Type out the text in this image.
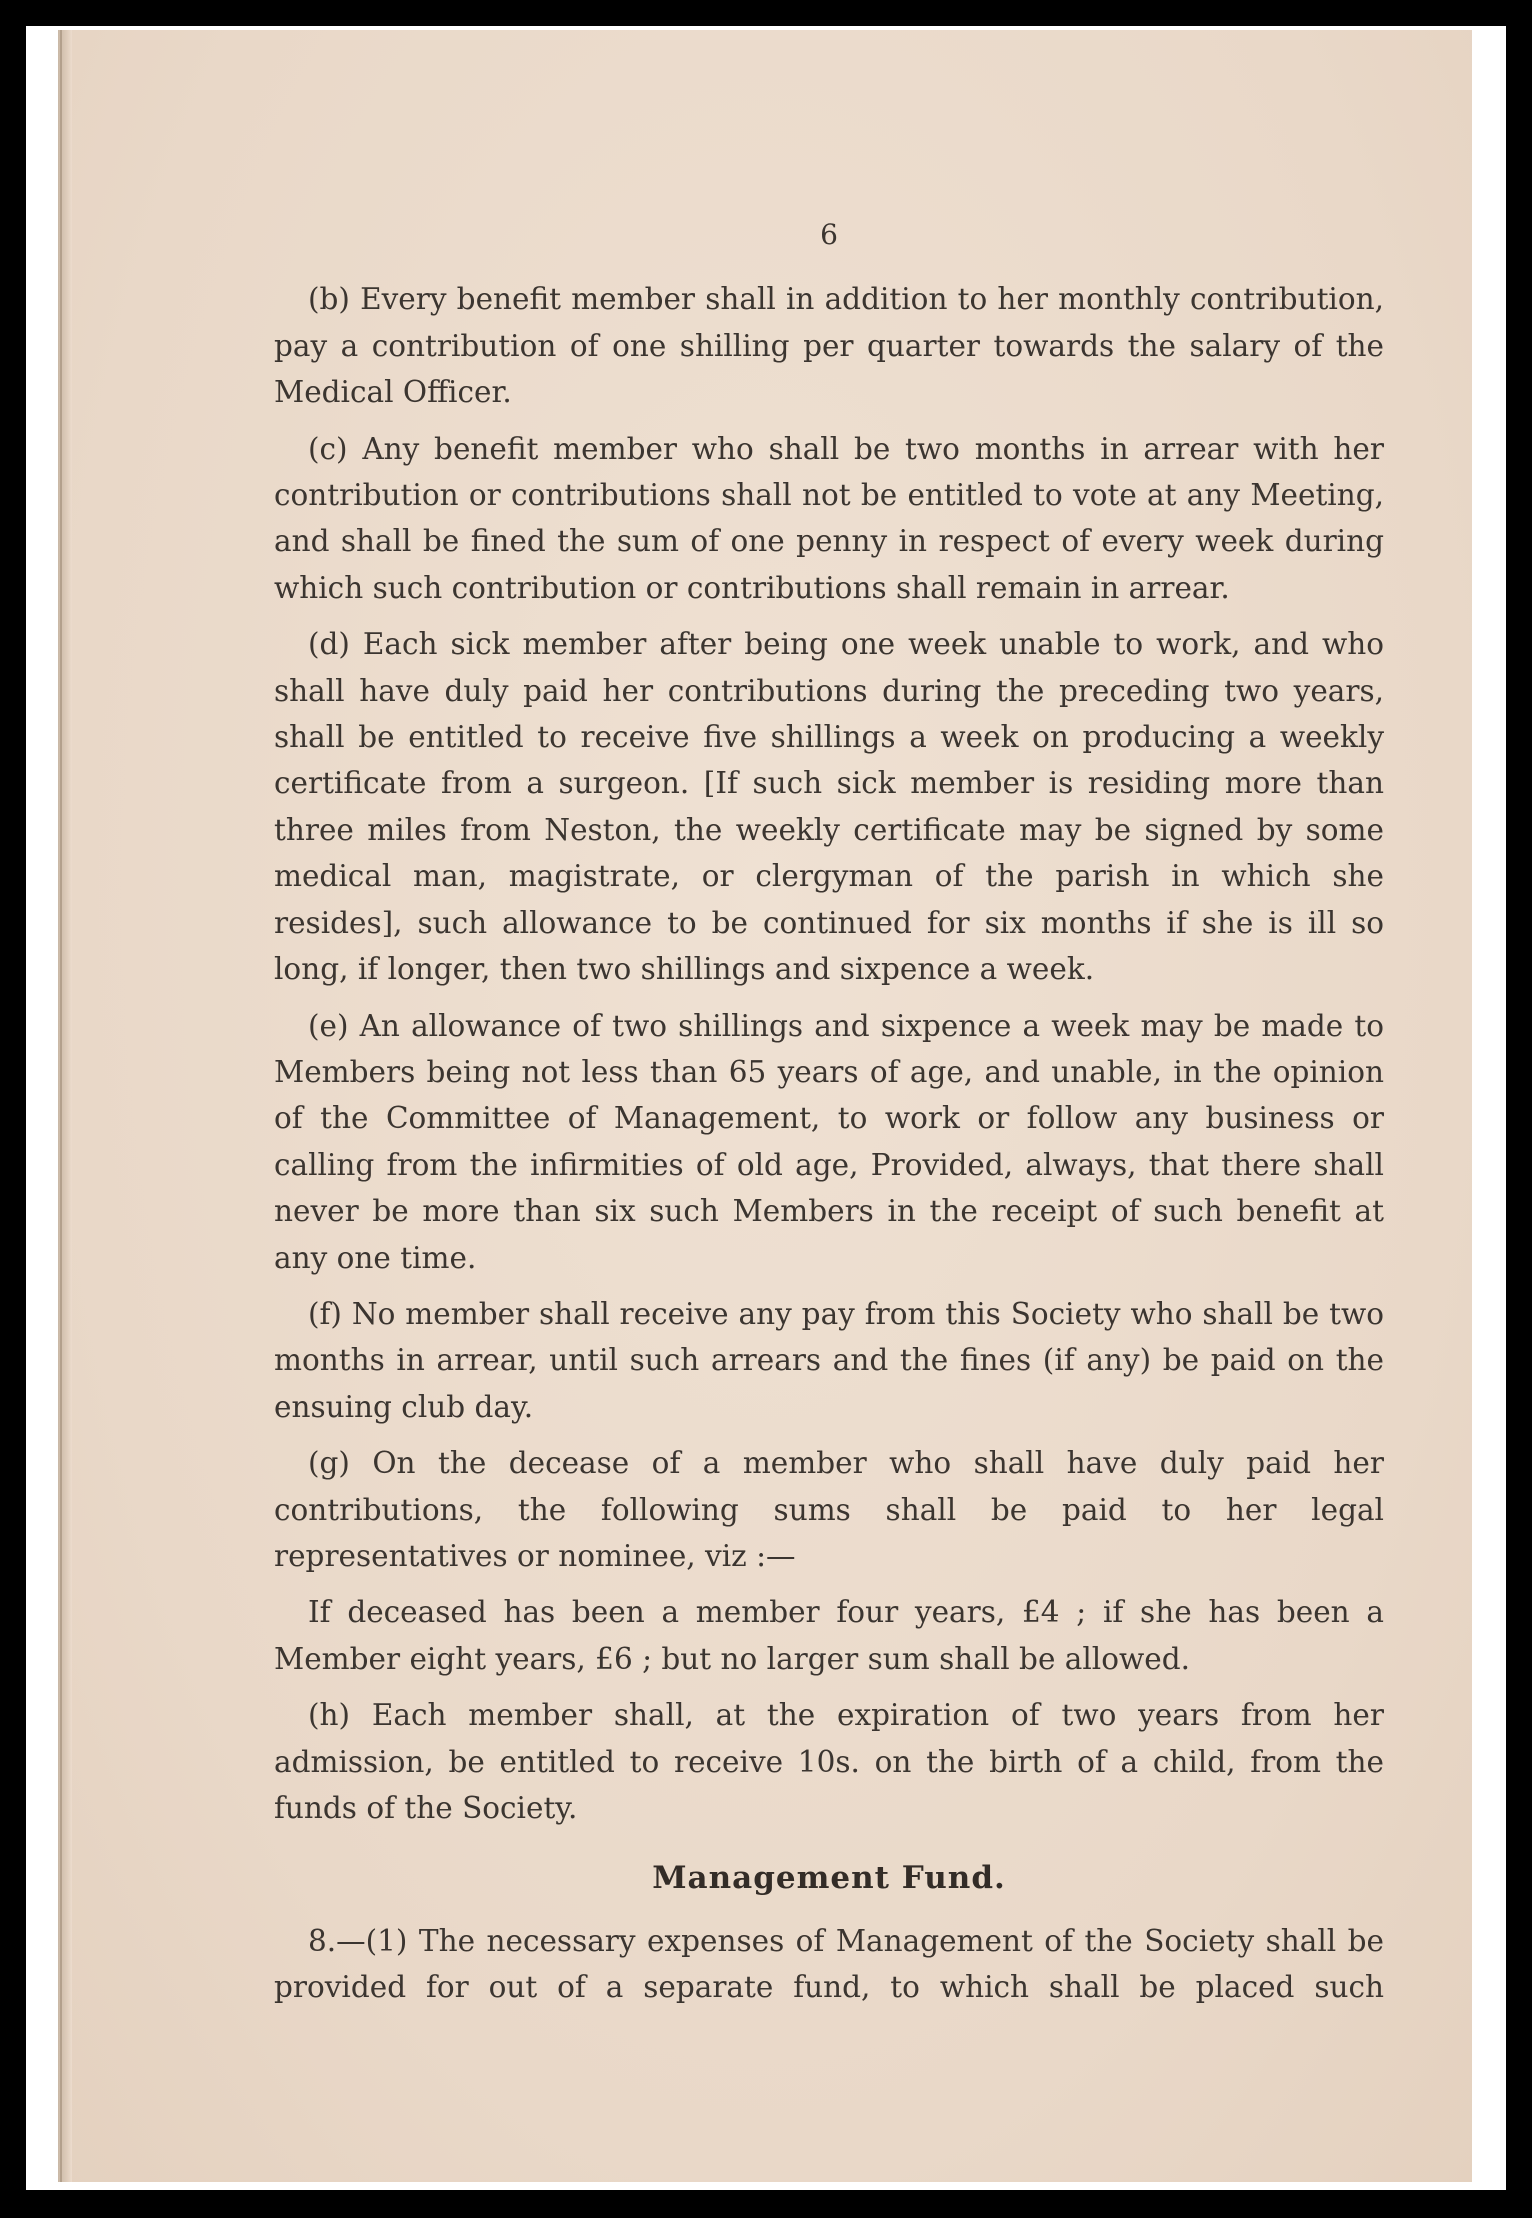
6

(b) Every benefit member shall in addition to her monthly contribution, pay a contribution of one shilling per quarter towards the salary of the Medical Officer.

(c) Any benefit member who shall be two months in arrear with her contribution or contributions shall not be entitled to vote at any Meeting, and shall be fined the sum of one penny in respect of every week during which such contribution or contributions shall remain in arrear.

(d) Each sick member after being one week unable to work, and who shall have duly paid her contributions during the preceding two years, shall be entitled to receive five shillings a week on producing a weekly certificate from a surgeon. [If such sick member is residing more than three miles from Neston, the weekly certificate may be signed by some medical man, magistrate, or clergyman of the parish in which she resides], such allowance to be continued for six months if she is ill so long, if longer, then two shillings and sixpence a week.

(e) An allowance of two shillings and sixpence a week may be made to Members being not less than 65 years of age, and unable, in the opinion of the Committee of Management, to work or follow any business or calling from the infirmities of old age, Provided, always, that there shall never be more than six such Members in the receipt of such benefit at any one time.

(f) No member shall receive any pay from this Society who shall be two months in arrear, until such arrears and the fines (if any) be paid on the ensuing club day.

(g) On the decease of a member who shall have duly paid her contributions, the following sums shall be paid to her legal representatives or nominee, viz :—

If deceased has been a member four years, £4 ; if she has been a Member eight years, £6 ; but no larger sum shall be allowed.

(h) Each member shall, at the expiration of two years from her admission, be entitled to receive 10s. on the birth of a child, from the funds of the Society.

Management Fund.

8.—(1) The necessary expenses of Management of the Society shall be provided for out of a separate fund, to which shall be placed such
